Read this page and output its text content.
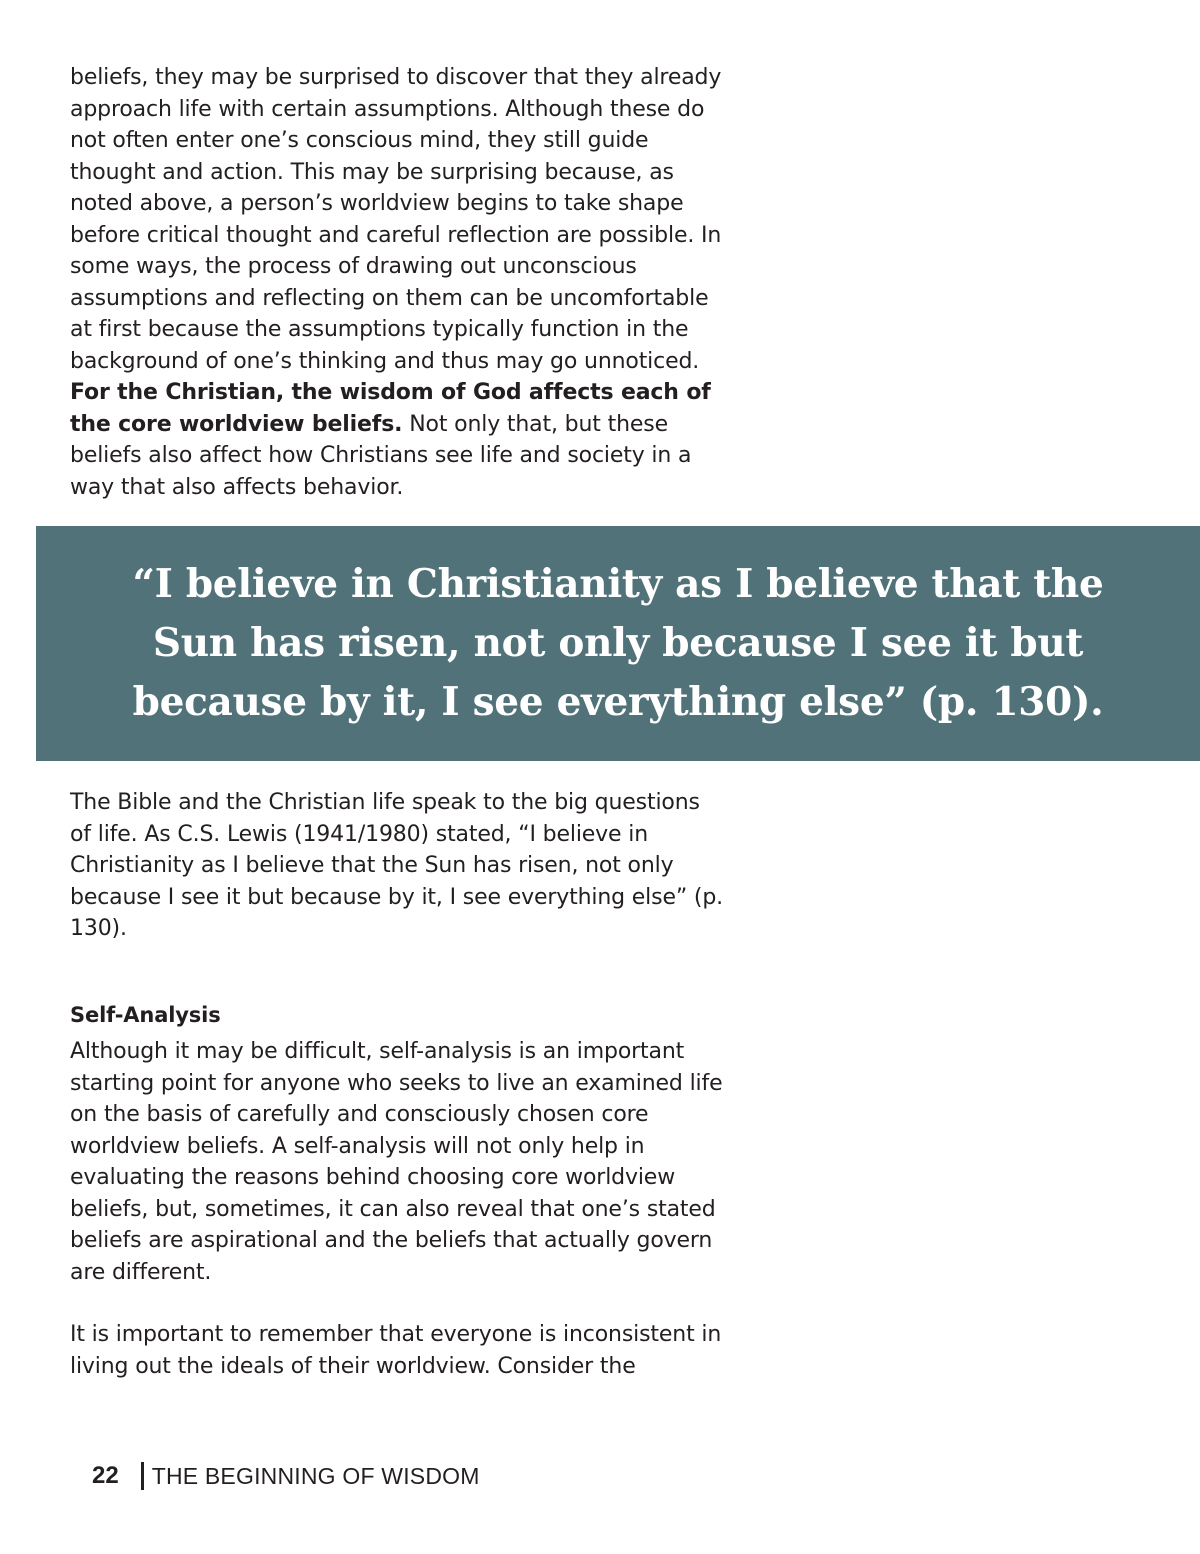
beliefs, they may be surprised to discover that they already approach life with certain assumptions. Although these do not often enter one’s conscious mind, they still guide thought and action. This may be surprising because, as noted above, a person’s worldview begins to take shape before critical thought and careful reflection are possible. In some ways, the process of drawing out unconscious assumptions and reflecting on them can be uncomfortable at first because the assumptions typically function in the background of one’s thinking and thus may go unnoticed. For the Christian, the wisdom of God affects each of the core worldview beliefs. Not only that, but these beliefs also affect how Christians see life and society in a way that also affects behavior.

“I believe in Christianity as I believe that the Sun has risen, not only because I see it but because by it, I see everything else” (p. 130).

The Bible and the Christian life speak to the big questions of life. As C.S. Lewis (1941/1980) stated, “I believe in Christianity as I believe that the Sun has risen, not only because I see it but because by it, I see everything else” (p. 130).

Self-Analysis

Although it may be difficult, self-analysis is an important starting point for anyone who seeks to live an examined life on the basis of carefully and consciously chosen core worldview beliefs. A self-analysis will not only help in evaluating the reasons behind choosing core worldview beliefs, but, sometimes, it can also reveal that one’s stated beliefs are aspirational and the beliefs that actually govern are different.

It is important to remember that everyone is inconsistent in living out the ideals of their worldview. Consider the

22 THE BEGINNING OF WISDOM
